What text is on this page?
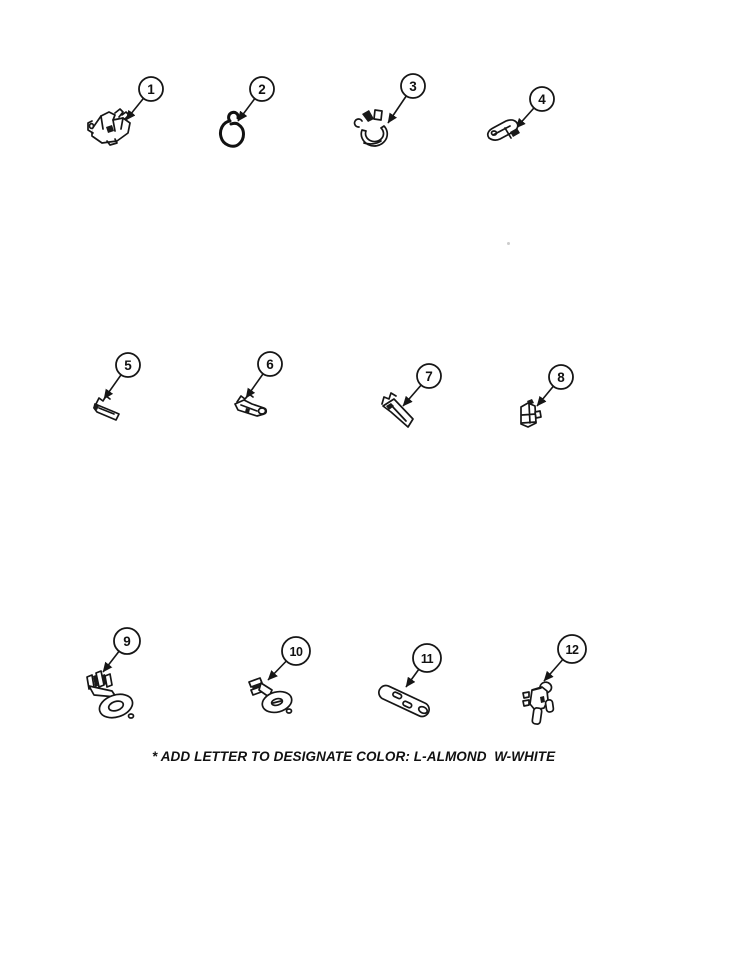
1	2	3
4
5	6
7	8
9
10	11
12
* ADD LETTER TO DESIGNATE COLOR: L-ALMOND  W-WHITE
